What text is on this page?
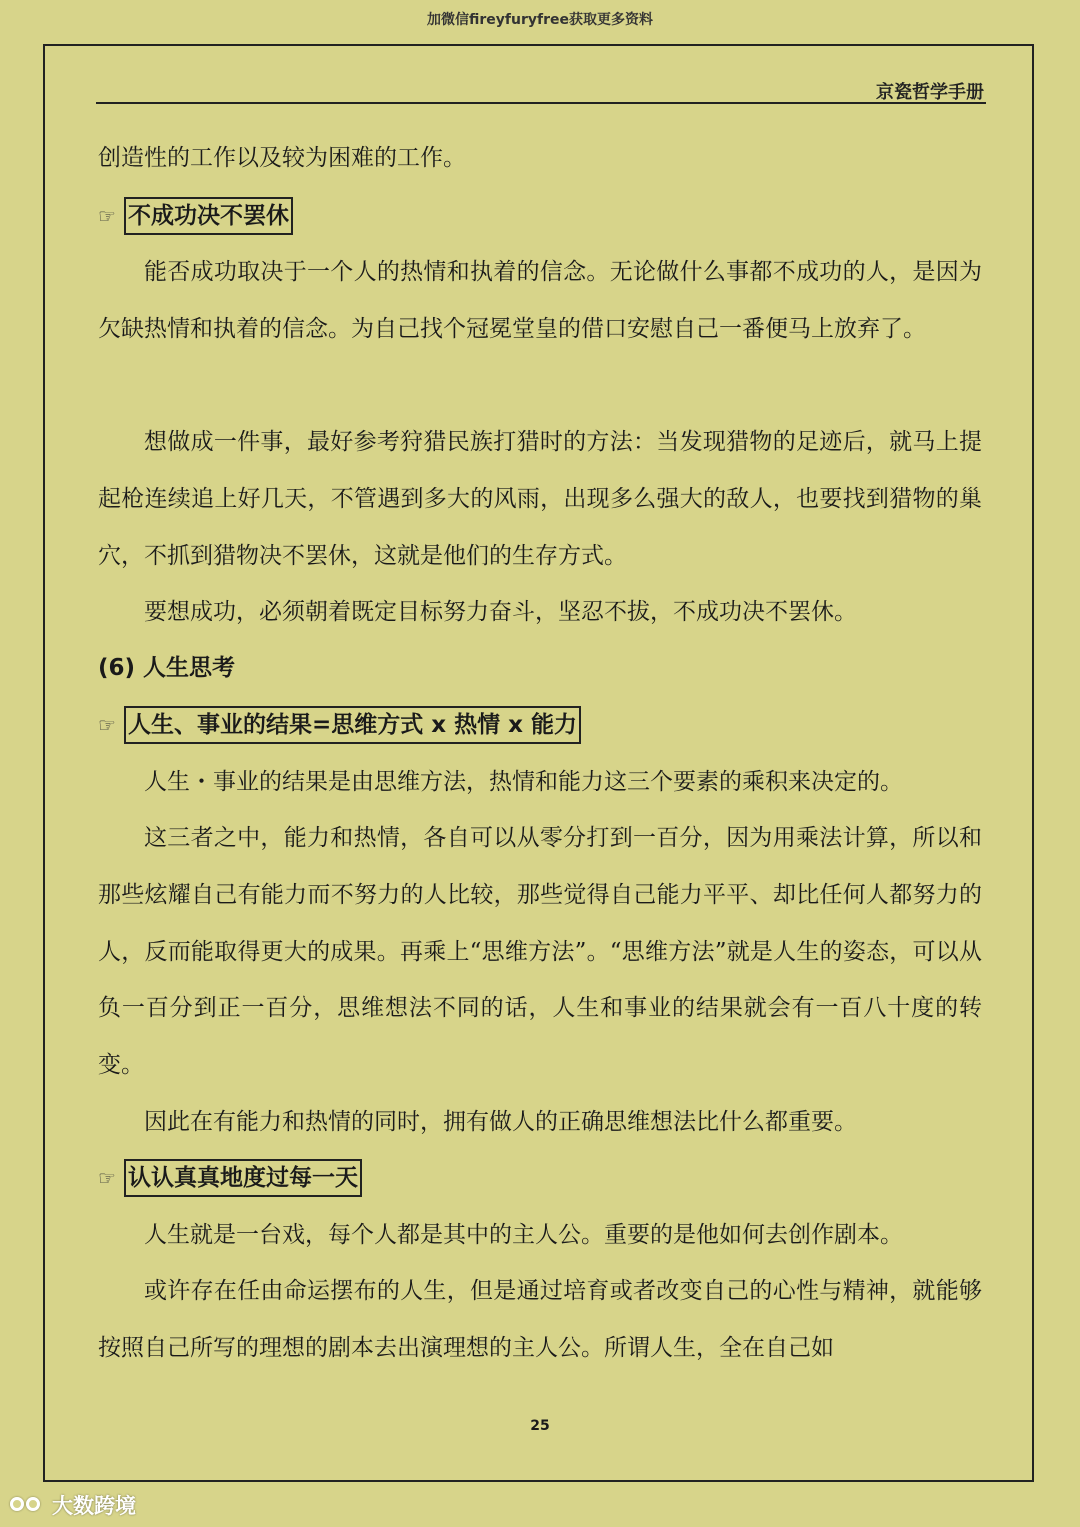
加微信fireyfuryfree获取更多资料
京瓷哲学手册

创造性的工作以及较为困难的工作。

☞ 不成功决不罢休

能否成功取决于一个人的热情和执着的信念。无论做什么事都不成功的人，是因为欠缺热情和执着的信念。为自己找个冠冕堂皇的借口安慰自己一番便马上放弃了。

想做成一件事，最好参考狩猎民族打猎时的方法：当发现猎物的足迹后，就马上提起枪连续追上好几天，不管遇到多大的风雨，出现多么强大的敌人，也要找到猎物的巢穴，不抓到猎物决不罢休，这就是他们的生存方式。

要想成功，必须朝着既定目标努力奋斗，坚忍不拔，不成功决不罢休。

(6) 人生思考
☞ 人生、事业的结果=思维方式 x 热情 x 能力

人生・事业的结果是由思维方法，热情和能力这三个要素的乘积来决定的。

这三者之中，能力和热情，各自可以从零分打到一百分，因为用乘法计算，所以和那些炫耀自己有能力而不努力的人比较，那些觉得自己能力平平、却比任何人都努力的人，反而能取得更大的成果。再乘上“思维方法”。“思维方法”就是人生的姿态，可以从负一百分到正一百分，思维想法不同的话，人生和事业的结果就会有一百八十度的转变。

因此在有能力和热情的同时，拥有做人的正确思维想法比什么都重要。

☞ 认认真真地度过每一天

人生就是一台戏，每个人都是其中的主人公。重要的是他如何去创作剧本。

或许存在任由命运摆布的人生，但是通过培育或者改变自己的心性与精神，就能够按照自己所写的理想的剧本去出演理想的主人公。所谓人生，全在自己如

25
大数跨境
